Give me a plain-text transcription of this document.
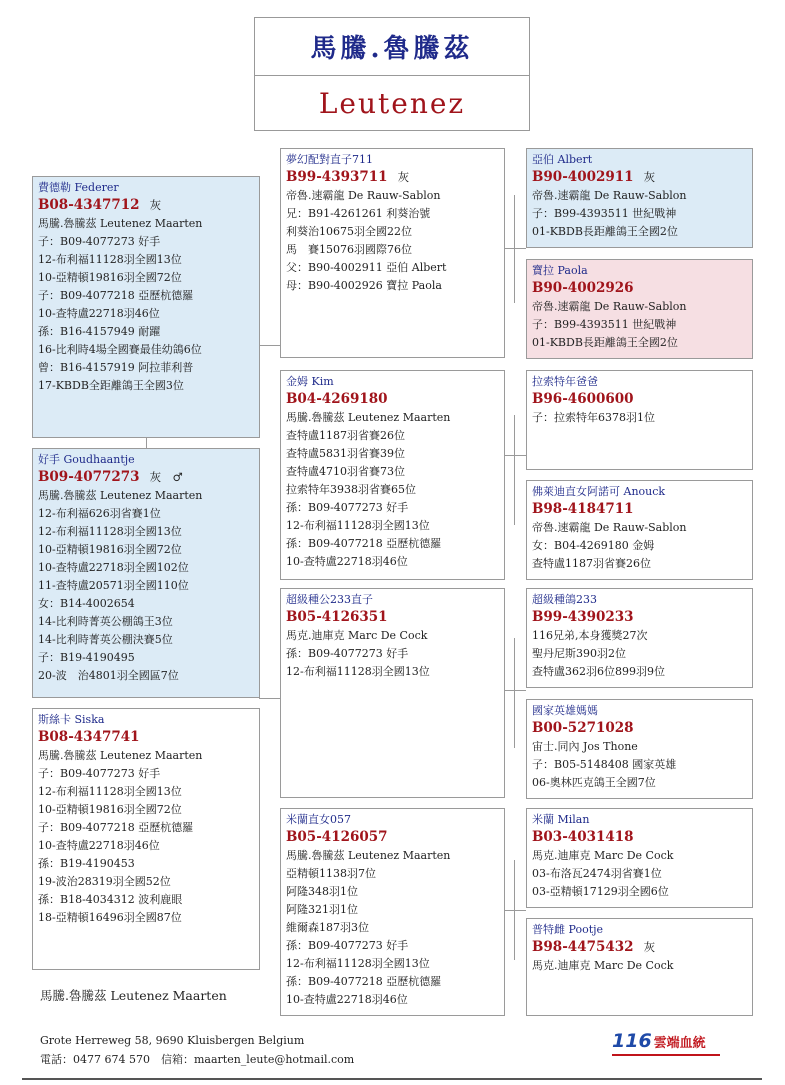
馬騰.魯騰茲
Leutenez
費德勒 Federer
B08-4347712 灰
馬騰.魯騰茲 Leutenez Maarten
子：B09-4077273 好手
12-布利福11128羽全國13位
10-亞精頓19816羽全國72位
子：B09-4077218 亞歷杭德羅
10-查特盧22718羽46位
孫：B16-4157949 耐躍
16-比利時4場全國賽最佳幼鴿6位
曾：B16-4157919 阿拉菲利普
17-KBDB全距離鴿王全國3位
好手 Goudhaantje
B09-4077273 灰　♂
馬騰.魯騰茲 Leutenez Maarten
12-布利福626羽省賽1位
12-布利福11128羽全國13位
10-亞精頓19816羽全國72位
10-查特盧22718羽全國102位
11-查特盧20571羽全國110位
女：B14-4002654
14-比利時菁英公棚鴿王3位
14-比利時菁英公棚決賽5位
子：B19-4190495
20-波　治4801羽全國區7位
斯絲卡 Siska
B08-4347741
馬騰.魯騰茲 Leutenez Maarten
子：B09-4077273 好手
12-布利福11128羽全國13位
10-亞精頓19816羽全國72位
子：B09-4077218 亞歷杭德羅
10-查特盧22718羽46位
孫：B19-4190453
19-波治28319羽全國52位
孫：B18-4034312 波利鹿眼
18-亞精頓16496羽全國87位
夢幻配對直子711
B99-4393711 灰
帝魯.速霸龍 De Rauw-Sablon
兄：B91-4261261 利葵治號
利葵治10675羽全國22位
馬　賽15076羽國際76位
父：B90-4002911 亞伯 Albert
母：B90-4002926 寶拉 Paola
金姆 Kim
B04-4269180
馬騰.魯騰茲 Leutenez Maarten
查特盧1187羽省賽26位
查特盧5831羽省賽39位
查特盧4710羽省賽73位
拉索特年3938羽省賽65位
孫：B09-4077273 好手
12-布利福11128羽全國13位
孫：B09-4077218 亞歷杭德羅
10-查特盧22718羽46位
超級種公233直子
B05-4126351
馬克.迪庫克 Marc De Cock
孫：B09-4077273 好手
12-布利福11128羽全國13位
米蘭直女057
B05-4126057
馬騰.魯騰茲 Leutenez Maarten
亞精頓1138羽7位
阿隆348羽1位
阿隆321羽1位
維爾森187羽3位
孫：B09-4077273 好手
12-布利福11128羽全國13位
孫：B09-4077218 亞歷杭德羅
10-查特盧22718羽46位
亞伯 Albert
B90-4002911 灰
帝魯.速霸龍 De Rauw-Sablon
子：B99-4393511 世紀戰神
01-KBDB長距離鴿王全國2位
寶拉 Paola
B90-4002926
帝魯.速霸龍 De Rauw-Sablon
子：B99-4393511 世紀戰神
01-KBDB長距離鴿王全國2位
拉索特年爸爸
B96-4600600
子：拉索特年6378羽1位
佛萊迪直女阿諾可 Anouck
B98-4184711
帝魯.速霸龍 De Rauw-Sablon
女：B04-4269180 金姆
查特盧1187羽省賽26位
超級種鴿233
B99-4390233
116兄弟,本身獲獎27次
聖丹尼斯390羽2位
查特盧362羽6位899羽9位
國家英雄媽媽
B00-5271028
宙士.同內 Jos Thone
子：B05-5148408 國家英雄
06-奧林匹克鴿王全國7位
米蘭 Milan
B03-4031418
馬克.迪庫克 Marc De Cock
03-布洛瓦2474羽省賽1位
03-亞精頓17129羽全國6位
普特雌 Pootje
B98-4475432 灰
馬克.迪庫克 Marc De Cock
馬騰.魯騰茲 Leutenez Maarten
Grote Herreweg 58, 9690 Kluisbergen Belgium
電話：0477 674 570　信箱：maarten_leute@hotmail.com
116 雲端血統
